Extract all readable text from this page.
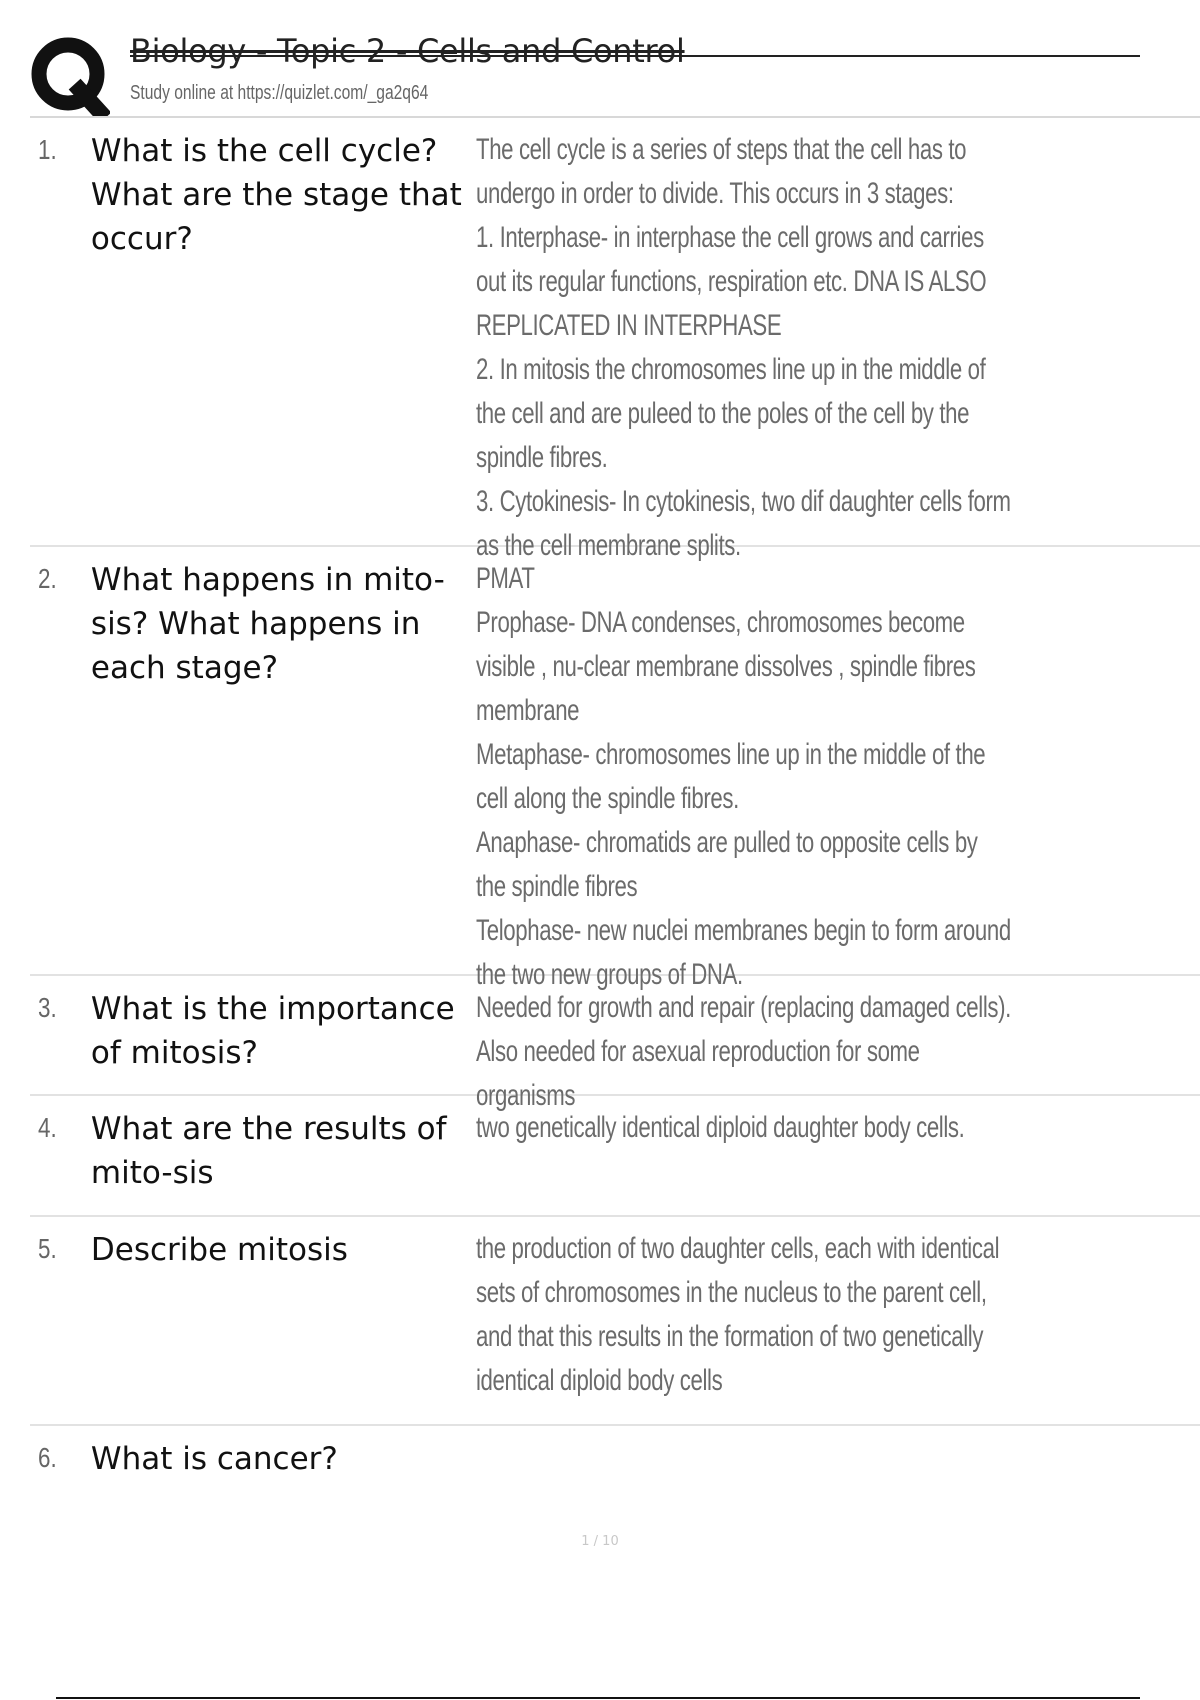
Biology - Topic 2 - Cells and Control
Study online at https://quizlet.com/_ga2q64
1.	What is the cell cycle? What are the stage that occur?
The cell cycle is a series of steps that the cell has to undergo in order to divide. This occurs in 3 stages:
1. Interphase- in interphase the cell grows and carries out its regular functions, respiration etc. DNA IS ALSO REPLICATED IN INTERPHASE
2. In mitosis the chromosomes line up in the middle of the cell and are puleed to the poles of the cell by the spindle fibres.
3. Cytokinesis- In cytokinesis, two dif daughter cells form as the cell membrane splits.
2.	What happens in mito-sis? What happens in each stage?
PMAT
Prophase- DNA condenses, chromosomes become visible , nu-clear membrane dissolves , spindle fibres membrane
Metaphase- chromosomes line up in the middle of the cell along the spindle fibres.
Anaphase- chromatids are pulled to opposite cells by the spindle fibres
Telophase- new nuclei membranes begin to form around the two new groups of DNA.
3.	What is the importance of mitosis?
Needed for growth and repair (replacing damaged cells). Also needed for asexual reproduction for some organisms
4.	What are the results of mito-sis
two genetically identical diploid daughter body cells.
5.	Describe mitosis	the production of two daughter cells, each with identical sets of chromosomes in the nucleus to the parent cell, and that this results in the formation of two genetically identical diploid body cells
6.	What is cancer?
1 / 10
